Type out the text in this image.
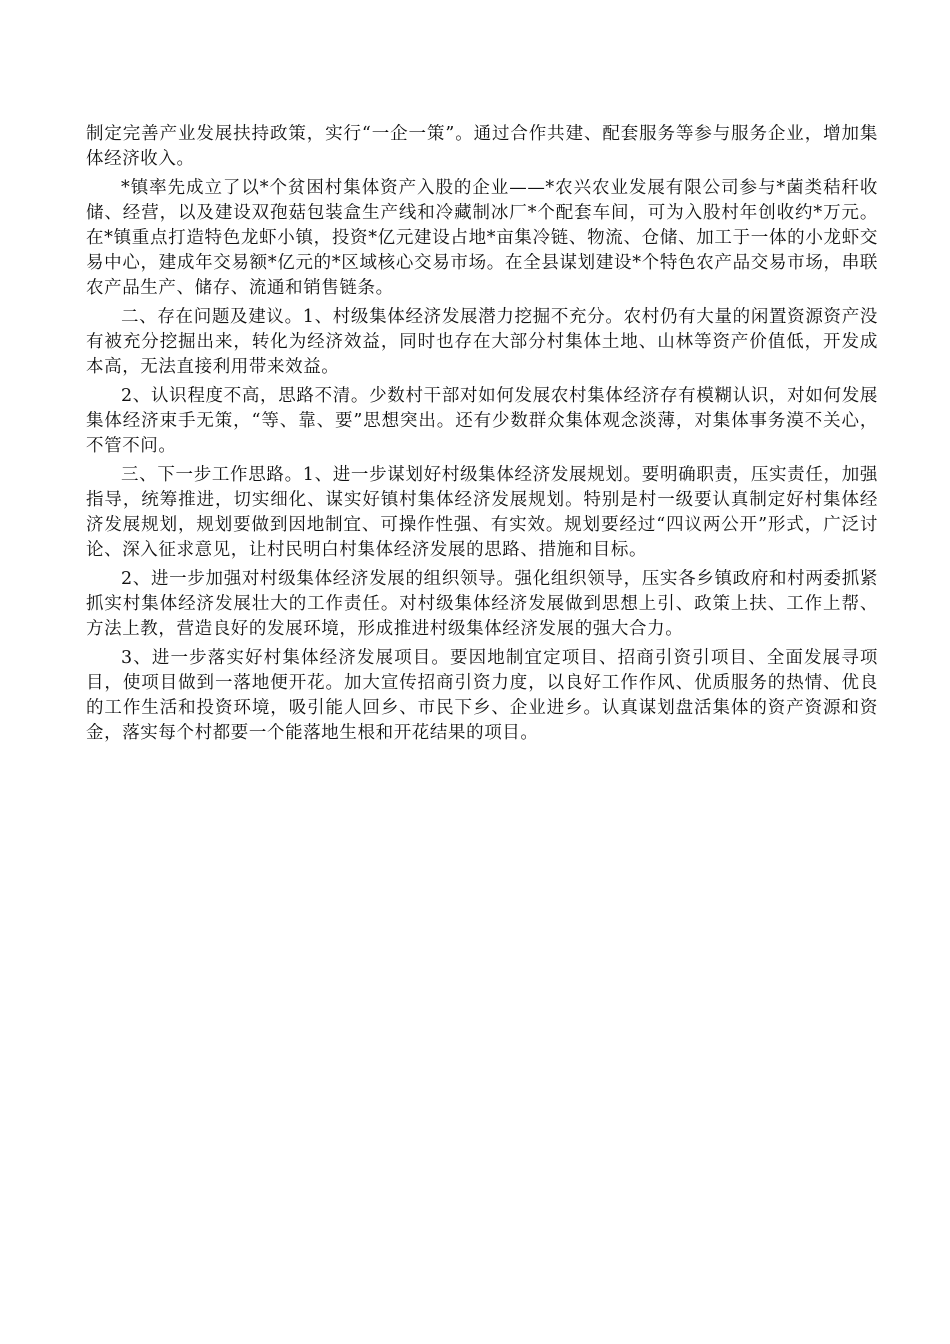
制定完善产业发展扶持政策，实行“一企一策”。通过合作共建、配套服务等参与服务企业，增加集体经济收入。

*镇率先成立了以*个贫困村集体资产入股的企业——*农兴农业发展有限公司参与*菌类秸秆收储、经营，以及建设双孢菇包装盒生产线和冷藏制冰厂*个配套车间，可为入股村年创收约*万元。在*镇重点打造特色龙虾小镇，投资*亿元建设占地*亩集冷链、物流、仓储、加工于一体的小龙虾交易中心，建成年交易额*亿元的*区域核心交易市场。在全县谋划建设*个特色农产品交易市场，串联农产品生产、储存、流通和销售链条。

二、存在问题及建议。1、村级集体经济发展潜力挖掘不充分。农村仍有大量的闲置资源资产没有被充分挖掘出来，转化为经济效益，同时也存在大部分村集体土地、山林等资产价值低，开发成本高，无法直接利用带来效益。

2、认识程度不高，思路不清。少数村干部对如何发展农村集体经济存有模糊认识，对如何发展集体经济束手无策，“等、靠、要”思想突出。还有少数群众集体观念淡薄，对集体事务漠不关心，不管不问。

三、下一步工作思路。1、进一步谋划好村级集体经济发展规划。要明确职责，压实责任，加强指导，统筹推进，切实细化、谋实好镇村集体经济发展规划。特别是村一级要认真制定好村集体经济发展规划，规划要做到因地制宜、可操作性强、有实效。规划要经过“四议两公开”形式，广泛讨论、深入征求意见，让村民明白村集体经济发展的思路、措施和目标。

2、进一步加强对村级集体经济发展的组织领导。强化组织领导，压实各乡镇政府和村两委抓紧抓实村集体经济发展壮大的工作责任。对村级集体经济发展做到思想上引、政策上扶、工作上帮、方法上教，营造良好的发展环境，形成推进村级集体经济发展的强大合力。

3、进一步落实好村集体经济发展项目。要因地制宜定项目、招商引资引项目、全面发展寻项目，使项目做到一落地便开花。加大宣传招商引资力度，以良好工作作风、优质服务的热情、优良的工作生活和投资环境，吸引能人回乡、市民下乡、企业进乡。认真谋划盘活集体的资产资源和资金，落实每个村都要一个能落地生根和开花结果的项目。
